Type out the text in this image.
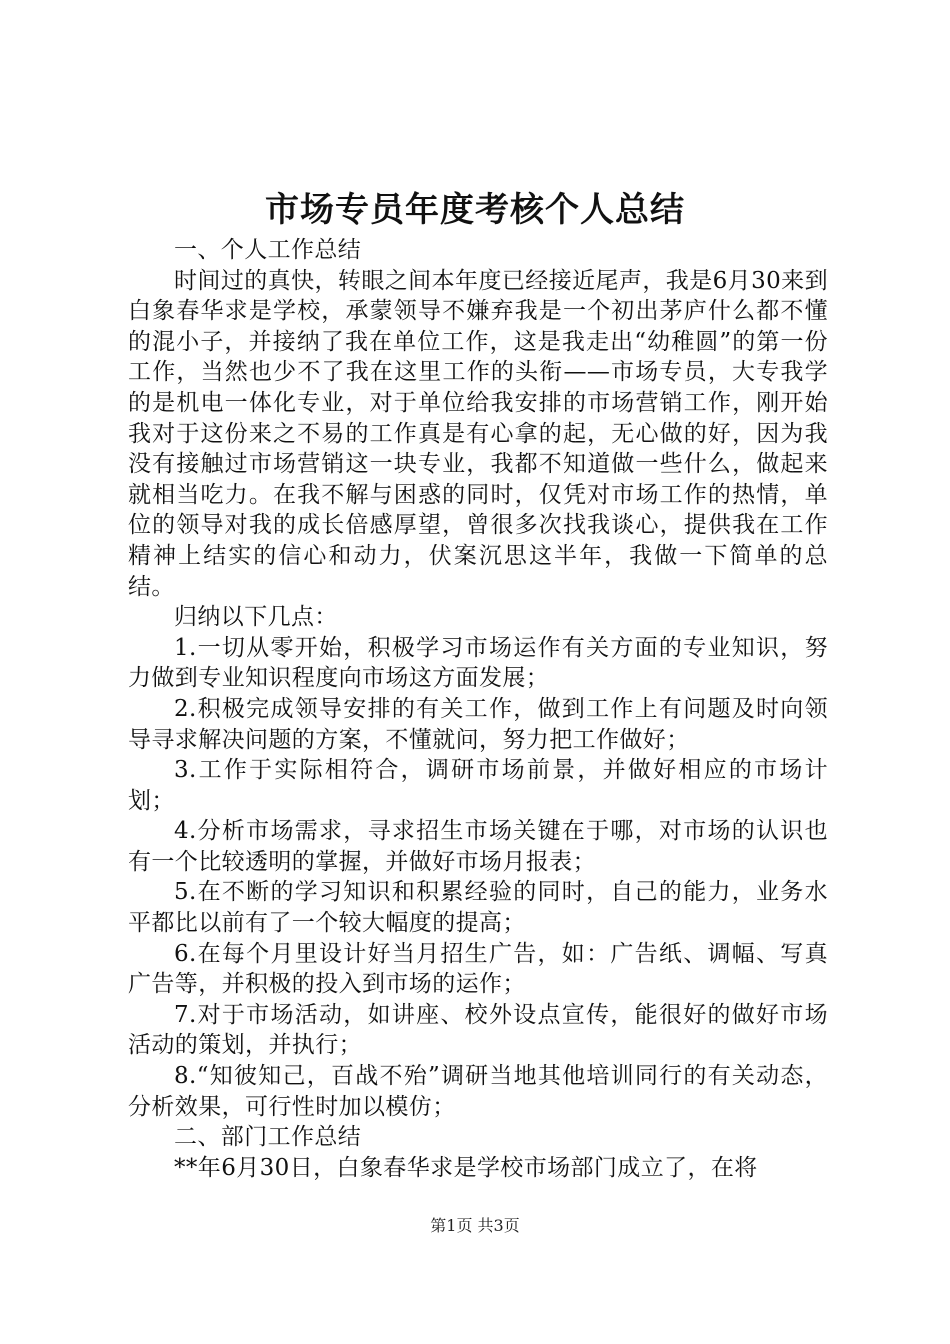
市场专员年度考核个人总结

一、个人工作总结

时间过的真快，转眼之间本年度已经接近尾声，我是6月30来到白象春华求是学校，承蒙领导不嫌弃我是一个初出茅庐什么都不懂的混小子，并接纳了我在单位工作，这是我走出“幼稚圆”的第一份工作，当然也少不了我在这里工作的头衔——市场专员，大专我学的是机电一体化专业，对于单位给我安排的市场营销工作，刚开始我对于这份来之不易的工作真是有心拿的起，无心做的好，因为我没有接触过市场营销这一块专业，我都不知道做一些什么，做起来就相当吃力。在我不解与困惑的同时，仅凭对市场工作的热情，单位的领导对我的成长倍感厚望，曾很多次找我谈心，提供我在工作精神上结实的信心和动力，伏案沉思这半年，我做一下简单的总结。

归纳以下几点：

1.一切从零开始，积极学习市场运作有关方面的专业知识，努力做到专业知识程度向市场这方面发展；

2.积极完成领导安排的有关工作，做到工作上有问题及时向领导寻求解决问题的方案，不懂就问，努力把工作做好；

3.工作于实际相符合，调研市场前景，并做好相应的市场计划；

4.分析市场需求，寻求招生市场关键在于哪，对市场的认识也有一个比较透明的掌握，并做好市场月报表；

5.在不断的学习知识和积累经验的同时，自己的能力，业务水平都比以前有了一个较大幅度的提高；

6.在每个月里设计好当月招生广告，如：广告纸、调幅、写真广告等，并积极的投入到市场的运作；

7.对于市场活动，如讲座、校外设点宣传，能很好的做好市场活动的策划，并执行；

8.“知彼知己，百战不殆”调研当地其他培训同行的有关动态，分析效果，可行性时加以模仿；

二、部门工作总结

**年6月30日，白象春华求是学校市场部门成立了，在将

第1页 共3页
